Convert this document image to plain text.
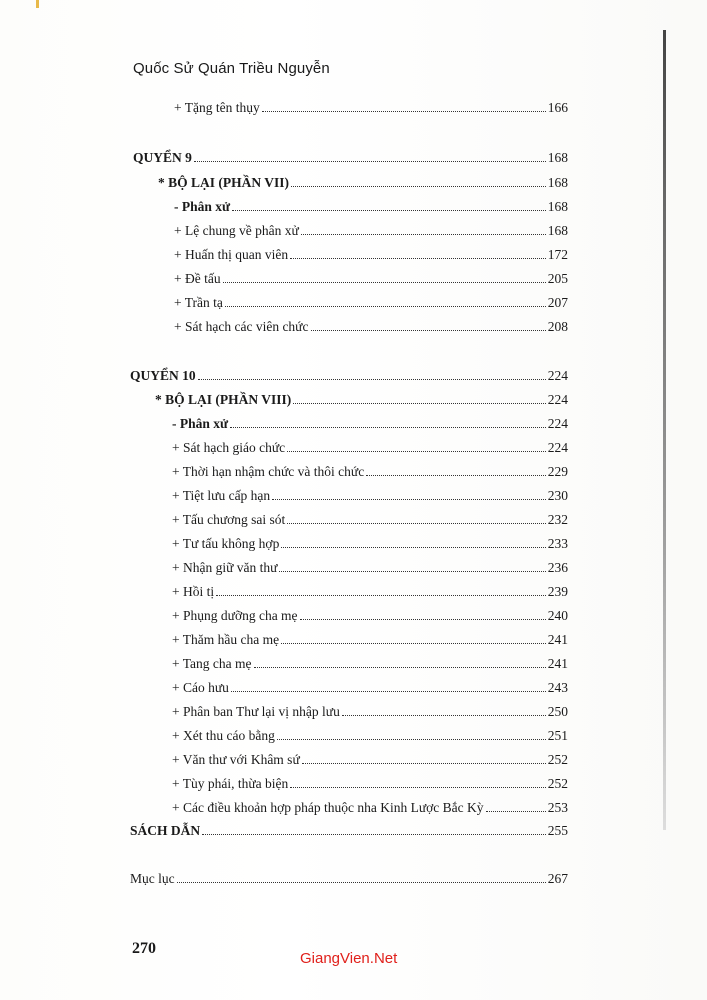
Quốc Sử Quán Triều Nguyễn
+ Tặng tên thụy	166
QUYỂN 9	168
* BỘ LẠI (PHẦN VII)	168
- Phân xử	168
+ Lệ chung về phân xử	168
+ Huấn thị quan viên	172
+ Đề tấu	205
+ Trần tạ	207
+ Sát hạch các viên chức	208
QUYỂN 10	224
* BỘ LẠI (PHẦN VIII)	224
- Phân xử	224
+ Sát hạch giáo chức	224
+ Thời hạn nhậm chức và thôi chức	229
+ Tiệt lưu cấp hạn	230
+ Tấu chương sai sót	232
+ Tư tấu không hợp	233
+ Nhận giữ văn thư	236
+ Hồi tị	239
+ Phụng dưỡng cha mẹ	240
+ Thăm hầu cha mẹ	241
+ Tang cha mẹ	241
+ Cáo hưu	243
+ Phân ban Thư lại vị nhập lưu	250
+ Xét thu cáo bằng	251
+ Văn thư với Khâm sứ	252
+ Tùy phái, thừa biện	252
+ Các điều khoản hợp pháp thuộc nha Kinh Lược Bắc Kỳ	253
SÁCH DẪN	255
Mục lục	267
270
GiangVien.Net
